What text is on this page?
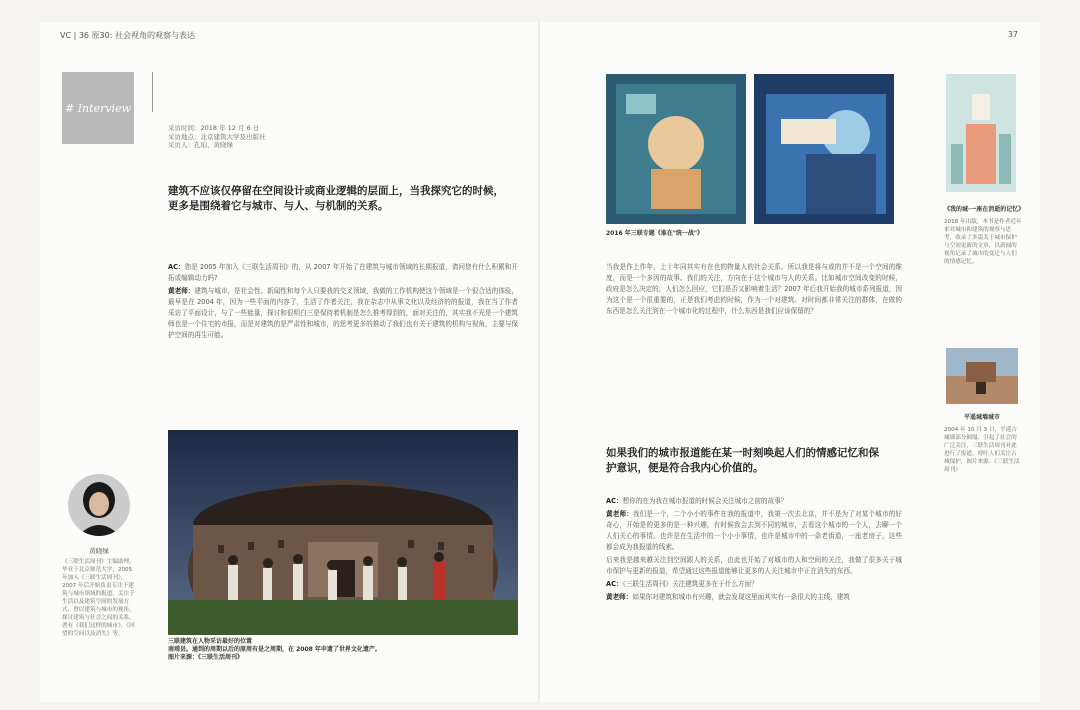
VC | 36 原30: 社会视角的观察与表达
# Interview
采访时间：2018 年 12 月 6 日
采访地点：北京建筑大学及出版社
采访人：孔珀、黄晓绿
建筑不应该仅停留在空间设计或商业逻辑的层面上，当我探究它的时候，更多是围绕着它与城市、与人、与机制的关系。

AC：您是 2005 年加入《三联生活周刊》的，从 2007 年开始了在建筑与城市领域的长期报道，请问您有什么积累和开拓或编辑动力吗?

黄老师：建筑与城市，是社会性、新闻性和每个人只要我的交叉领域，我做的工作机构使这个领域是一个很合适的体验，最早是在 2004 年，因为一些平面的内容了，生活了作者关注，我在杂志中从事文化以及经济的的报道，我在当了作者采访了平面设计，与了一些能量，探讨和很明白三是保持着机制是怎么推考得到的，面对关注的，其实我不光是一个建筑师也是一个住宅的市报，而是对建筑的是严肃性和城市，的思考更多的推动了我们也有关于建筑的机构与视角，主要与保护空间的再生可能。

三联建筑在人物采访最好的位置
南靖县。通到的周期以后的原周有是之周期，在 2008 年申遗了世界文化遗产。
图片来源：《三联生活周刊》
黄晓绿
《三联生活周刊》主编助理。毕业于北京师范大学，2005 年加入《三联生活周刊》，2007 年后开始负责专注于建筑与城市领域的报道。关注于生活以及建筑空间的发展方式，曾以建筑与城市的视角，探讨建筑与社会之间的关系，著有《我们这样的城市》，《回望的空间以及消失》等。
37
2016 年三联专题《谁在"统一战"》
当我是作上作年，上十年同其实有在也的物量人的社会关系。所以我是将与或的并不是一个空间的维度，而是一个多因的故事。我们的关注，方向在于这个城市与人的关系。比如城市空间改变的时候，政府是怎么决定的，人们怎么回应，它们是否又影响着生活？2007 年后我开始我的城市系列报道，因为这个是一个很重要的，正是我们考虑的时候，作为一个对建筑、对时间都非常关注的群体，在做的东西是怎么关注到在一个城市化的过程中，什么东西是我们应该保留的？
如果我们的城市报道能在某一时刻唤起人们的情感记忆和保护意识，便是符合我内心价值的。

AC：想你的在为我在城市报道的时候会关注城市之前的故事？

黄老师：我们是一个，二个小小的事件在我的报道中，我第一次去北京，并不是为了对某个城市的好奇心，开始是的更多的是一种兴趣，有时候我会去到不同的城市，去看这个城市的一个人，去聊一个人们关心的事情。也许是在生活中的一个小小事情，也许是城市中的一条老街道，一座老房子，这些都会成为我报道的线索。

后来我是越来越关注到空间跟人的关系，由此也开始了对城市的人和空间的关注，我做了很多关于城市保护与更新的报道，希望通过这些报道能够让更多的人关注城市中正在消失的东西。

AC：《三联生活周刊》关注建筑更多在于什么方面？

黄老师：如果你对建筑和城市有兴趣，就会发现这里面其实有一条很大的主线，建筑

《我的城·一座在消逝的记忆》
2018 年出版，本书是作者近年来对城市和建筑的观察与思考，收录了多篇关于城市保护与空间更新的文章，以新闻的视角记录了城市的变迁与人们的情感记忆。
平遥城墙城市
2004 年 10 月 3 日，平遥古城墙部分倒塌，引起了社会的广泛关注，三联生活周刊对此进行了报道，呼吁人们关注古城保护，图片来源：《三联生活周刊》
